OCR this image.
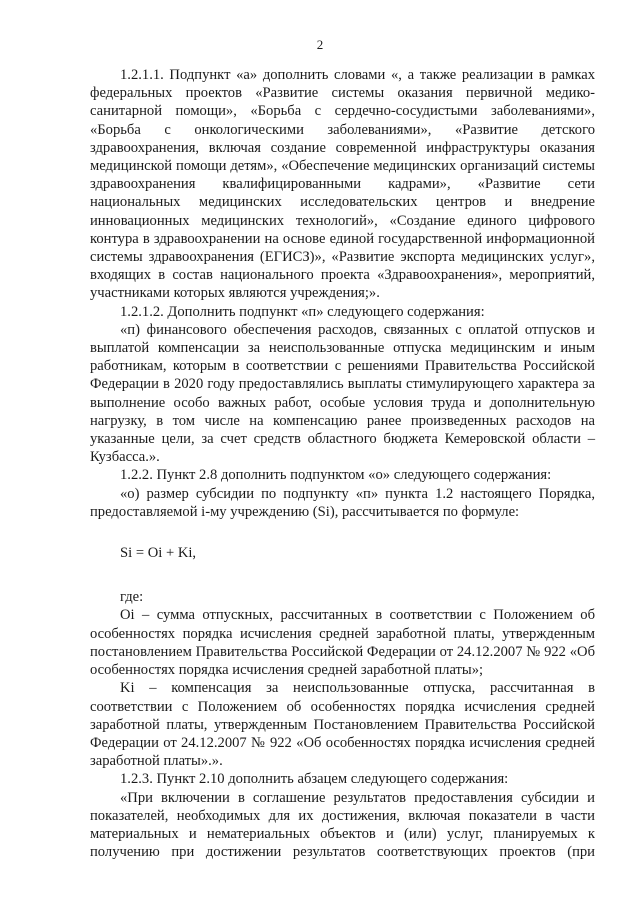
2

1.2.1.1. Подпункт «а» дополнить словами «, а также реализации в рамках федеральных проектов «Развитие системы оказания первичной медико-санитарной помощи», «Борьба с сердечно-сосудистыми заболеваниями», «Борьба с онкологическими заболеваниями», «Развитие детского здравоохранения, включая создание современной инфраструктуры оказания медицинской помощи детям», «Обеспечение медицинских организаций системы здравоохранения квалифицированными кадрами», «Развитие сети национальных медицинских исследовательских центров и внедрение инновационных медицинских технологий», «Создание единого цифрового контура в здравоохранении на основе единой государственной информационной системы здравоохранения (ЕГИСЗ)», «Развитие экспорта медицинских услуг», входящих в состав национального проекта «Здравоохранения», мероприятий, участниками которых являются учреждения;».

1.2.1.2. Дополнить подпункт «п» следующего содержания:

«п) финансового обеспечения расходов, связанных с оплатой отпусков и выплатой компенсации за неиспользованные отпуска медицинским и иным работникам, которым в соответствии с решениями Правительства Российской Федерации в 2020 году предоставлялись выплаты стимулирующего характера за выполнение особо важных работ, особые условия труда и дополнительную нагрузку, в том числе на компенсацию ранее произведенных расходов на указанные цели, за счет средств областного бюджета Кемеровской области – Кузбасса.».

1.2.2. Пункт 2.8 дополнить подпунктом «о» следующего содержания:

«о) размер субсидии по подпункту «п» пункта 1.2 настоящего Порядка, предоставляемой i-му учреждению (Si), рассчитывается по формуле:

Si = Oi + Ki,

где:

Oi – сумма отпускных, рассчитанных в соответствии с Положением об особенностях порядка исчисления средней заработной платы, утвержденным постановлением Правительства Российской Федерации от 24.12.2007 № 922 «Об особенностях порядка исчисления средней заработной платы»;

Ki – компенсация за неиспользованные отпуска, рассчитанная в соответствии с Положением об особенностях порядка исчисления средней заработной платы, утвержденным Постановлением Правительства Российской Федерации от 24.12.2007 № 922 «Об особенностях порядка исчисления средней заработной платы».».

1.2.3. Пункт 2.10 дополнить абзацем следующего содержания:

«При включении в соглашение результатов предоставления субсидии и показателей, необходимых для их достижения, включая показатели в части материальных и нематериальных объектов и (или) услуг, планируемых к получению при достижении результатов соответствующих проектов (при
